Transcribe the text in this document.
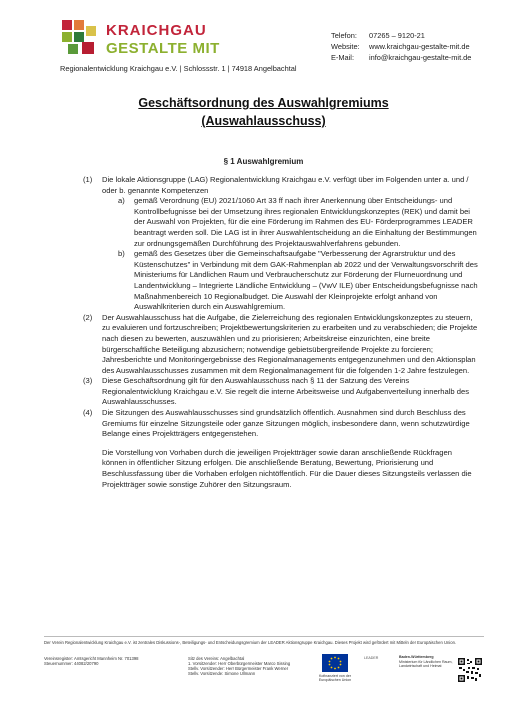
KRAICHGAU
GESTALTE MIT
Regionalentwicklung Kraichgau e.V. | Schlossstr. 1 | 74918 Angelbachtal
Telefon:	07265 – 9120-21
Website:	www.kraichgau-gestalte-mit.de
E-Mail:	info@kraichgau-gestalte-mit.de
Geschäftsordnung des Auswahlgremiums
(Auswahlausschuss)
§ 1 Auswahlgremium
(1) Die lokale Aktionsgruppe (LAG) Regionalentwicklung Kraichgau e.V. verfügt über im Folgenden unter a. und / oder b. genannte Kompetenzen

a) gemäß Verordnung (EU) 2021/1060 Art 33 ff nach ihrer Anerkennung über Entscheidungs- und Kontrollbefugnisse bei der Umsetzung ihres regionalen Entwicklungskonzeptes (REK) und damit bei der Auswahl von Projekten, für die eine Förderung im Rahmen des EU- Förderprogrammes LEADER beantragt werden soll. Die LAG ist in ihrer Auswahlentscheidung an die Einhaltung der Bestimmungen zur ordnungsgemäßen Durchführung des Projektauswahlverfahrens gebunden.

b) gemäß des Gesetzes über die Gemeinschaftsaufgabe "Verbesserung der Agrarstruktur und des Küstenschutzes" in Verbindung mit dem GAK-Rahmenplan ab 2022 und der Verwaltungsvorschrift des Ministeriums für Ländlichen Raum und Verbraucherschutz zur Förderung der Flurneuordnung und Landentwicklung – Integrierte Ländliche Entwicklung – (VwV ILE) über Entscheidungsbefugnisse nach Maßnahmenbereich 10 Regionalbudget. Die Auswahl der Kleinprojekte erfolgt anhand von Auswahlkriterien durch ein Auswahlgremium.

(2) Der Auswahlausschuss hat die Aufgabe, die Zielerreichung des regionalen Entwicklungskonzeptes zu steuern, zu evaluieren und fortzuschreiben; Projektbewertungskriterien zu erarbeiten und zu verabschieden; die Projekte nach diesen zu bewerten, auszuwählen und zu priorisieren; Arbeitskreise einzurichten, eine breite bürgerschaftliche Beteiligung abzusichern; notwendige gebietsübergreifende Projekte zu forcieren; Jahresberichte und Monitoringergebnisse des Regionalmanagements entgegenzunehmen und den Aktionsplan des Auswahlausschusses zusammen mit dem Regionalmanagement für die folgenden 1-2 Jahre festzulegen.

(3) Diese Geschäftsordnung gilt für den Auswahlausschuss nach § 11 der Satzung des Vereins Regionalentwicklung Kraichgau e.V. Sie regelt die interne Arbeitsweise und Aufgabenverteilung innerhalb des Auswahlausschusses.

(4) Die Sitzungen des Auswahlausschusses sind grundsätzlich öffentlich. Ausnahmen sind durch Beschluss des Gremiums für einzelne Sitzungsteile oder ganze Sitzungen möglich, insbesondere dann, wenn schutzwürdige Belange eines Projektträgers entgegenstehen.

Die Vorstellung von Vorhaben durch die jeweiligen Projektträger sowie daran anschließende Rückfragen können in öffentlicher Sitzung erfolgen. Die anschließende Beratung, Bewertung, Priorisierung und Beschlussfassung über die Vorhaben erfolgen nichtöffentlich. Für die Dauer dieses Sitzungsteils verlassen die Projektträger sowie sonstige Zuhörer den Sitzungsraum.
Der Verein Regionalentwicklung Kraichgau e.V. ist zentrales Diskussions-, Beteiligungs- und Entscheidungsgremium der LEADER Aktionsgruppe Kraichgau. Dieses Projekt wird gefördert mit Mitteln der Europäischen Union.
Vereinsregister: Amtsgericht Mannheim Nr. 701398
Steuernummer: 44082/20790
Sitz des Vereins: Angelbachtal
1. Vorsitzender: Herr Oberbürgermeister Marco Sissing
Stellv. Vorsitzender: Herr Bürgermeister Frank Werner
Stellv. Vorsitzende: Simone Ullmann	Kofinanziert von der Europäischen Union
LEADER	Baden-Württemberg
Ministerium für Ländlichen Raum,
Landwirtschaft und Heimat
